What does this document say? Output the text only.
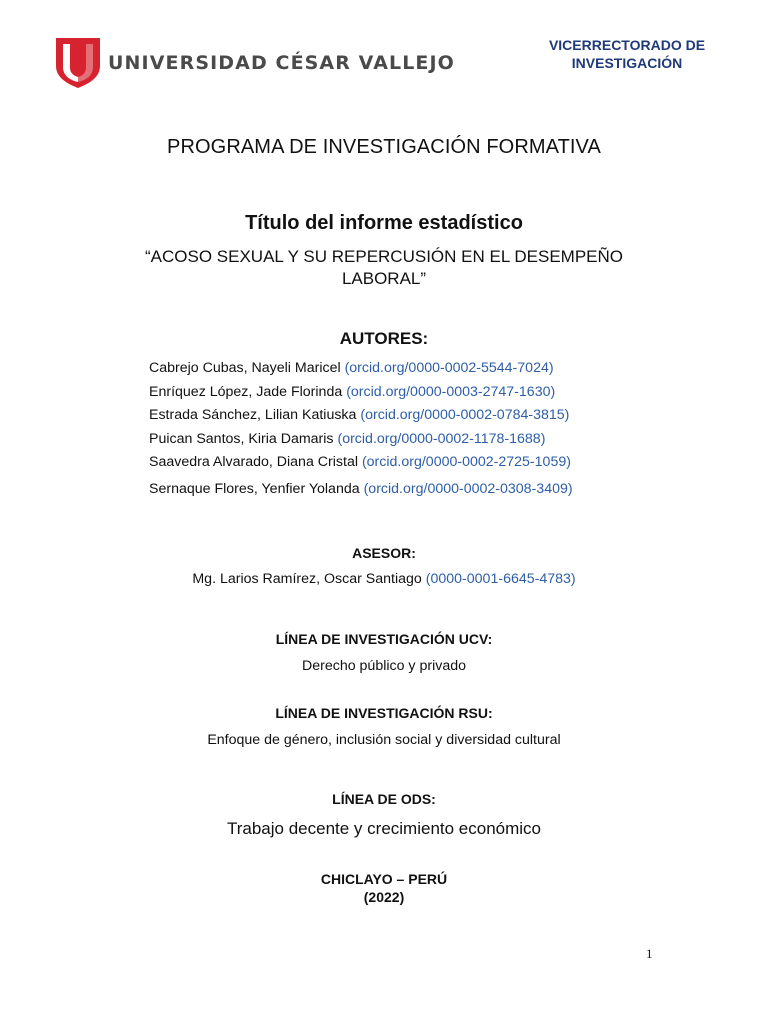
UNIVERSIDAD CÉSAR VALLEJO
VICERRECTORADO DE
INVESTIGACIÓN
PROGRAMA DE INVESTIGACIÓN FORMATIVA
Título del informe estadístico
“ACOSO SEXUAL Y SU REPERCUSIÓN EN EL DESEMPEÑO
LABORAL”
AUTORES:
Cabrejo Cubas, Nayeli Maricel (orcid.org/0000-0002-5544-7024)
Enríquez López, Jade Florinda (orcid.org/0000-0003-2747-1630)
Estrada Sánchez, Lilian Katiuska (orcid.org/0000-0002-0784-3815)
Puican Santos, Kiria Damaris (orcid.org/0000-0002-1178-1688)
Saavedra Alvarado, Diana Cristal (orcid.org/0000-0002-2725-1059)
Sernaque Flores, Yenfier Yolanda (orcid.org/0000-0002-0308-3409)
ASESOR:
Mg. Larios Ramírez, Oscar Santiago (0000-0001-6645-4783)
LÍNEA DE INVESTIGACIÓN UCV:
Derecho público y privado
LÍNEA DE INVESTIGACIÓN RSU:
Enfoque de género, inclusión social y diversidad cultural
LÍNEA DE ODS:
Trabajo decente y crecimiento económico
CHICLAYO – PERÚ
(2022)
1
